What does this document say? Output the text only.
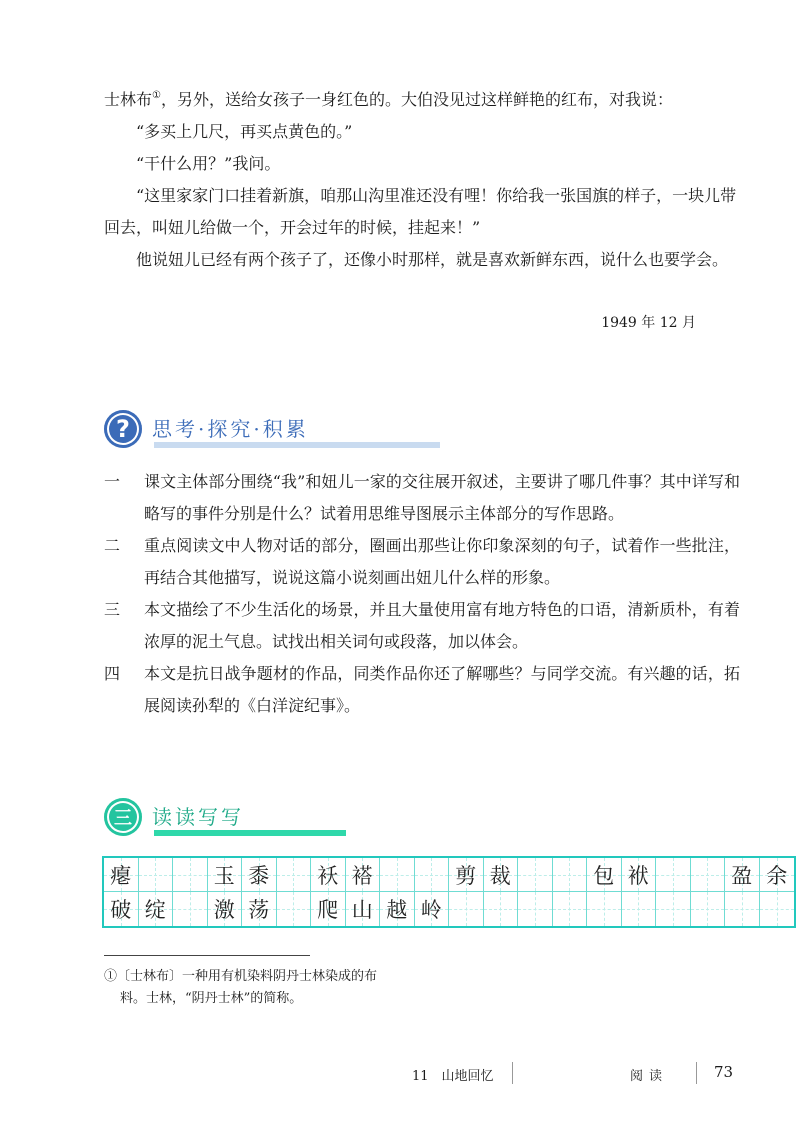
士林布①，另外，送给女孩子一身红色的。大伯没见过这样鲜艳的红布，对我说：

“多买上几尺，再买点黄色的。”

“干什么用？”我问。

“这里家家门口挂着新旗，咱那山沟里准还没有哩！你给我一张国旗的样子，一块儿带回去，叫妞儿给做一个，开会过年的时候，挂起来！”

他说妞儿已经有两个孩子了，还像小时那样，就是喜欢新鲜东西，说什么也要学会。

1949 年 12 月
?	思考·探究·积累
一	课文主体部分围绕“我”和妞儿一家的交往展开叙述，主要讲了哪几件事？其中详写和略写的事件分别是什么？试着用思维导图展示主体部分的写作思路。
二	重点阅读文中人物对话的部分，圈画出那些让你印象深刻的句子，试着作一些批注，再结合其他描写，说说这篇小说刻画出妞儿什么样的形象。
三	本文描绘了不少生活化的场景，并且大量使用富有地方特色的口语，清新质朴，有着浓厚的泥土气息。试找出相关词句或段落，加以体会。
四	本文是抗日战争题材的作品，同类作品你还了解哪些？与同学交流。有兴趣的话，拓展阅读孙犁的《白洋淀纪事》。
三	读读写写
瘪	玉 黍 袄 褡	剪 裁	包 袱	盈 余
破 绽 激 荡 爬 山 越 岭

①〔士林布〕一种用有机染料阴丹士林染成的布

料。士林，“阴丹士林”的简称。

11　山地回忆	阅读	73
